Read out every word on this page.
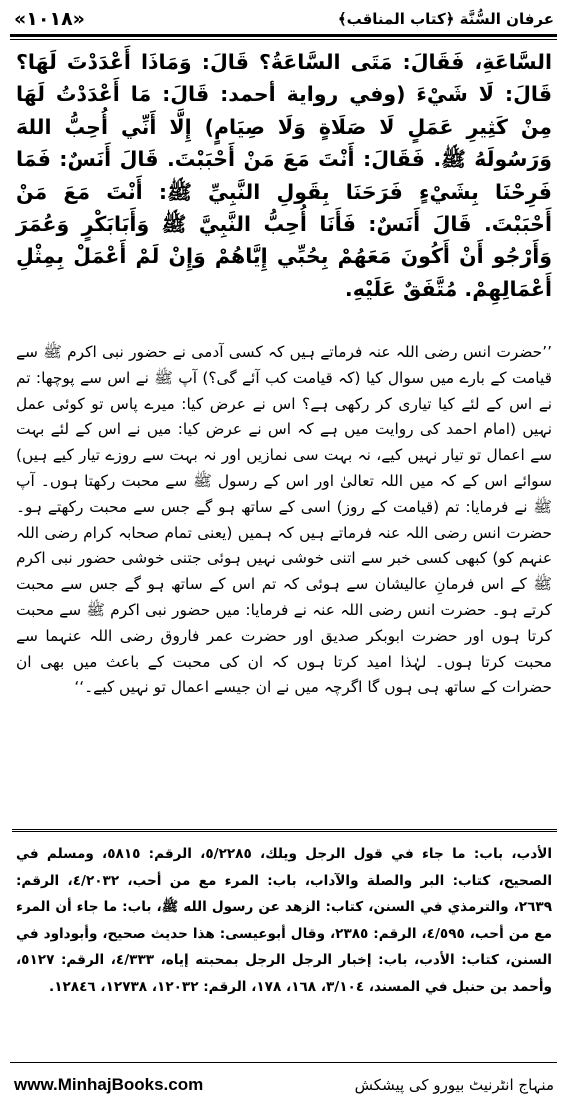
«۱۰۱۸»	عرفان السُّنَّة ﴿کتاب المناقب﴾

السَّاعَةِ، فَقَالَ: مَتَى السَّاعَةُ؟ قَالَ: وَمَاذَا أَعْدَدْتَ لَهَا؟ قَالَ: لَا شَيْءَ (وفي رواية أحمد: قَالَ: مَا أَعْدَدْتُ لَهَا مِنْ كَثِيرِ عَمَلٍ لَا صَلَاةٍ وَلَا صِيَامٍ) إِلَّا أَنِّي أُحِبُّ اللهَ وَرَسُولَهُ ﷺ. فَقَالَ: أَنْتَ مَعَ مَنْ أَحْبَبْتَ. قَالَ أَنَسٌ: فَمَا فَرِحْنَا بِشَيْءٍ فَرَحَنَا بِقَولِ النَّبِيِّ ﷺ: أَنْتَ مَعَ مَنْ أَحْبَبْتَ. قَالَ أَنَسٌ: فَأَنَا أُحِبُّ النَّبِيَّ ﷺ وَأَبَابَكْرٍ وَعُمَرَ وَأَرْجُو أَنْ أَكُونَ مَعَهُمْ بِحُبِّي إِيَّاهُمْ وَإِنْ لَمْ أَعْمَلْ بِمِثْلِ أَعْمَالِهِمْ. مُتَّفَقٌ عَلَيْهِ.

’’حضرت انس رضی اللہ عنہ فرماتے ہیں کہ کسی آدمی نے حضور نبی اکرم ﷺ سے قیامت کے بارے میں سوال کیا (کہ قیامت کب آئے گی؟) آپ ﷺ نے اس سے پوچھا: تم نے اس کے لئے کیا تیاری کر رکھی ہے؟ اس نے عرض کیا: میرے پاس تو کوئی عمل نہیں (امام احمد کی روایت میں ہے کہ اس نے عرض کیا: میں نے اس کے لئے بہت سے اعمال تو تیار نہیں کیے، نہ بہت سی نمازیں اور نہ بہت سے روزے تیار کیے ہیں) سوائے اس کے کہ میں اللہ تعالیٰ اور اس کے رسول ﷺ سے محبت رکھتا ہوں۔ آپ ﷺ نے فرمایا: تم (قیامت کے روز) اسی کے ساتھ ہو گے جس سے محبت رکھتے ہو۔ حضرت انس رضی اللہ عنہ فرماتے ہیں کہ ہمیں (یعنی تمام صحابہ کرام رضی اللہ عنہم کو) کبھی کسی خبر سے اتنی خوشی نہیں ہوئی جتنی خوشی حضور نبی اکرم ﷺ کے اس فرمانِ عالیشان سے ہوئی کہ تم اس کے ساتھ ہو گے جس سے محبت کرتے ہو۔ حضرت انس رضی اللہ عنہ نے فرمایا: میں حضور نبی اکرم ﷺ سے محبت کرتا ہوں اور حضرت ابوبکر صدیق اور حضرت عمر فاروق رضی اللہ عنہما سے محبت کرتا ہوں۔ لہٰذا امید کرتا ہوں کہ ان کی محبت کے باعث میں بھی ان حضرات کے ساتھ ہی ہوں گا اگرچہ میں نے ان جیسے اعمال تو نہیں کیے۔‘‘

الأدب، باب: ما جاء في قول الرجل ويلك، ٥/٢٢٨٥، الرقم: ٥٨١٥، ومسلم في الصحيح، كتاب: البر والصلة والآداب، باب: المرء مع من أحب، ٤/٢٠٣٢، الرقم: ٢٦٣٩، والترمذي في السنن، كتاب: الزهد عن رسول الله ﷺ، باب: ما جاء أن المرء مع من أحب، ٤/٥٩٥، الرقم: ٢٣٨٥، وقال أبوعيسى: هذا حديث صحيح، وأبوداود في السنن، كتاب: الأدب، باب: إخبار الرجل الرجل بمحبته إياه، ٤/٣٣٣، الرقم: ٥١٢٧، وأحمد بن حنبل في المسند، ٣/١٠٤، ١٦٨، ١٧٨، الرقم: ١٢٠٣٢، ١٢٧٣٨، ١٢٨٤٦.

www.MinhajBooks.com	منہاج انٹرنیٹ بیورو کی پیشکش
